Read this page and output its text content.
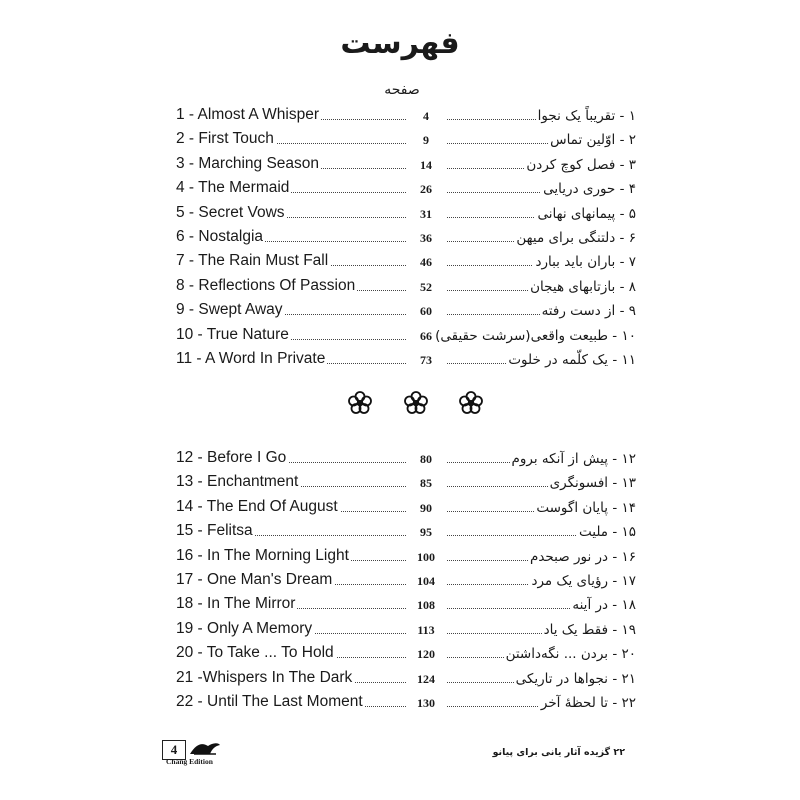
فهرست
صفحه
1 - Almost A Whisper	4	۱ - تقریباً یک نجوا
2 - First Touch	9	۲ - اوّلین تماس
3 - Marching Season	14	۳ - فصل کوچ کردن
4 - The Mermaid	26	۴ - حوری دریایی
5 - Secret Vows	31	۵ - پیمانهای نهانی
6 - Nostalgia	36	۶ - دلتنگی برای میهن
7 - The Rain Must Fall	46	۷ - باران باید ببارد
8 - Reflections Of Passion	52	۸ - بازتابهای هیجان
9 - Swept Away	60	۹ - از دست رفته
10 - True Nature	66 ۱۰ - طبیعت واقعی(سرشت حقیقی)
11 - A Word In Private	73	۱۱ - یک کلّمه در خلوت
12 - Before I Go	80	۱۲ - پیش از آنکه بروم
13 - Enchantment	85	۱۳ - افسونگری
14 - The End Of August	90	۱۴ - پایان اگوست
15 - Felitsa	95	۱۵ - ملیت
16 - In The Morning Light	100	۱۶ - در نور صبحدم
17 - One Man's Dream	104	۱۷ - رؤیای یک مرد
18 - In The Mirror	108	۱۸ - در آینه
19 - Only A Memory	113	۱۹ - فقط یک یاد
20 - To Take ... To Hold	120	۲۰ - بردن ... نگه‌داشتن
21 -Whispers In The Dark	124	۲۱ - نجواها در تاریکی
22 - Until The Last Moment	130	۲۲ - تا لحظهٔ آخر
4
Chang Edition
۲۲ گزیده آثار یانی برای پیانو
